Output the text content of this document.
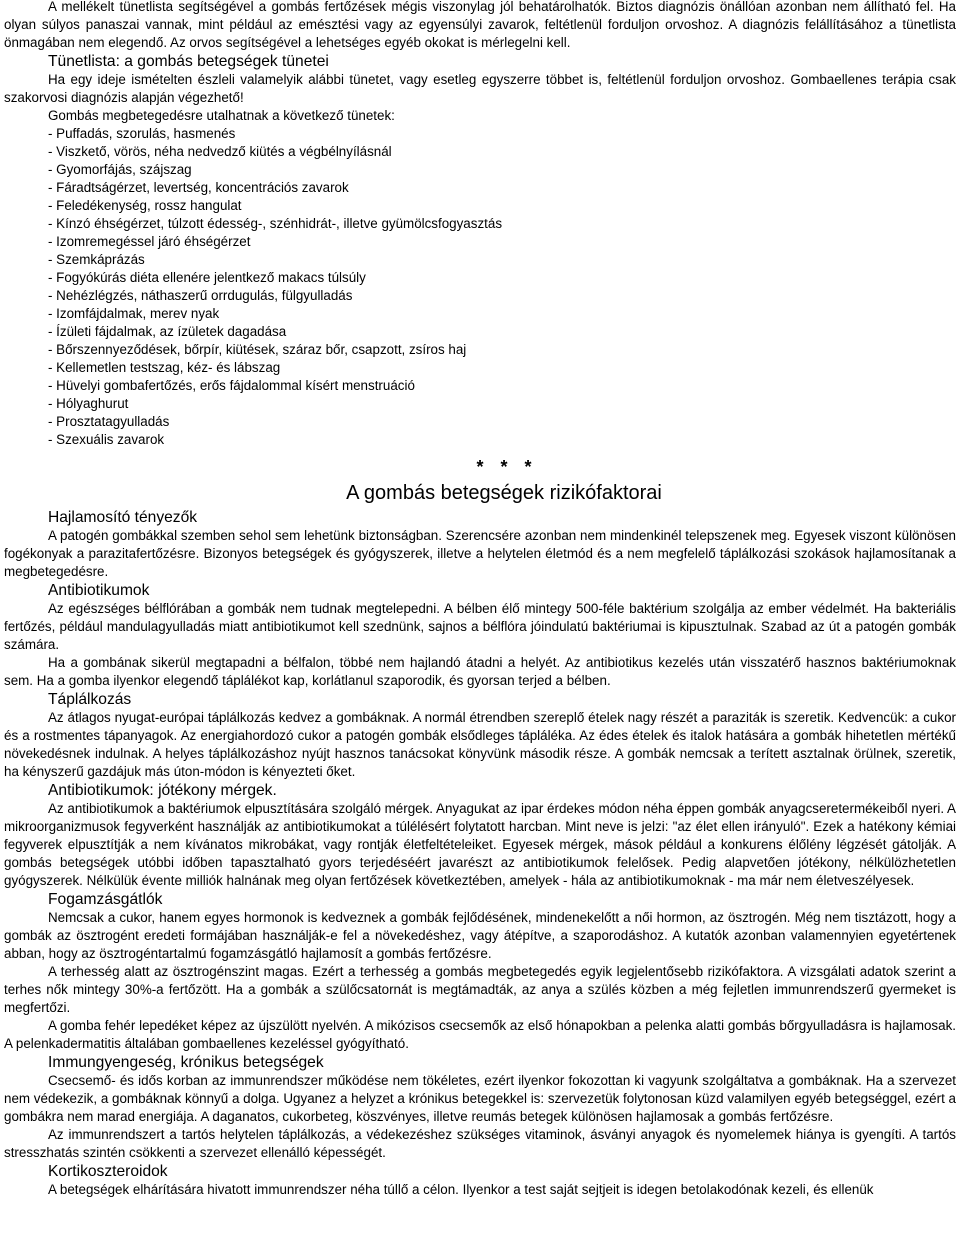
A mellékelt tünetlista segítségével a gombás fertőzések mégis viszonylag jól behatárolhatók. Biztos diagnózis önállóan azonban nem állítható fel. Ha olyan súlyos panaszai vannak, mint például az emésztési vagy az egyensúlyi zavarok, feltétlenül forduljon orvoshoz. A diagnózis felállításához a tünetlista önmagában nem elegendő. Az orvos segítségével a lehetséges egyéb okokat is mérlegelni kell.

Tünetlista: a gombás betegségek tünetei

Ha egy ideje ismételten észleli valamelyik alábbi tünetet, vagy esetleg egyszerre többet is, feltétlenül forduljon orvoshoz. Gombaellenes terápia csak szakorvosi diagnózis alapján végezhető!

Gombás megbetegedésre utalhatnak a következő tünetek:
- Puffadás, szorulás, hasmenés
- Viszkető, vörös, néha nedvedző kiütés a végbélnyílásnál
- Gyomorfájás, szájszag
- Fáradtságérzet, levertség, koncentrációs zavarok
- Feledékenység, rossz hangulat
- Kínzó éhségérzet, túlzott édesség-, szénhidrát-, illetve gyümölcsfogyasztás
- Izomremegéssel járó éhségérzet
- Szemkáprázás
- Fogyókúrás diéta ellenére jelentkező makacs túlsúly
- Nehézlégzés, náthaszerű orrdugulás, fülgyulladás
- Izomfájdalmak, merev nyak
- Ízületi fájdalmak, az ízületek dagadása
- Bőrszennyeződések, bőrpír, kiütések, száraz bőr, csapzott, zsíros haj
- Kellemetlen testszag, kéz- és lábszag
- Hüvelyi gombafertőzés, erős fájdalommal kísért menstruáció
- Hólyaghurut
- Prosztatagyulladás
- Szexuális zavarok
* * *
A gombás betegségek rizikófaktorai
Hajlamosító tényezők

A patogén gombákkal szemben sehol sem lehetünk biztonságban. Szerencsére azonban nem mindenkinél telepszenek meg. Egyesek viszont különösen fogékonyak a parazitafertőzésre. Bizonyos betegségek és gyógyszerek, illetve a helytelen életmód és a nem megfelelő táplálkozási szokások hajlamosítanak a megbetegedésre.

Antibiotikumok

Az egészséges bélflórában a gombák nem tudnak megtelepedni. A bélben élő mintegy 500-féle baktérium szolgálja az ember védelmét. Ha bakteriális fertőzés, például mandulagyulladás miatt antibiotikumot kell szednünk, sajnos a bélflóra jóindulatú baktériumai is kipusztulnak. Szabad az út a patogén gombák számára.

Ha a gombának sikerül megtapadni a bélfalon, többé nem hajlandó átadni a helyét. Az antibiotikus kezelés után visszatérő hasznos baktériumoknak sem. Ha a gomba ilyenkor elegendő táplálékot kap, korlátlanul szaporodik, és gyorsan terjed a bélben.

Táplálkozás

Az átlagos nyugat-európai táplálkozás kedvez a gombáknak. A normál étrendben szereplő ételek nagy részét a paraziták is szeretik. Kedvencük: a cukor és a rostmentes tápanyagok. Az energiahordozó cukor a patogén gombák elsődleges tápláléka. Az édes ételek és italok hatására a gombák hihetetlen mértékű növekedésnek indulnak. A helyes táplálkozáshoz nyújt hasznos tanácsokat könyvünk második része. A gombák nemcsak a terített asztalnak örülnek, szeretik, ha kényszerű gazdájuk más úton-módon is kényezteti őket.

Antibiotikumok: jótékony mérgek.

Az antibiotikumok a baktériumok elpusztítására szolgáló mérgek. Anyagukat az ipar érdekes módon néha éppen gombák anyagcseretermékeiből nyeri. A mikroorganizmusok fegyverként használják az antibiotikumokat a túlélésért folytatott harcban. Mint neve is jelzi: "az élet ellen irányuló". Ezek a hatékony kémiai fegyverek elpusztítják a nem kívánatos mikrobákat, vagy rontják életfeltételeiket. Egyesek mérgek, mások például a konkurens élőlény légzését gátolják. A gombás betegségek utóbbi időben tapasztalható gyors terjedéséért javarészt az antibiotikumok felelősek. Pedig alapvetően jótékony, nélkülözhetetlen gyógyszerek. Nélkülük évente milliók halnának meg olyan fertőzések következtében, amelyek - hála az antibiotikumoknak - ma már nem életveszélyesek.

Fogamzásgátlók

Nemcsak a cukor, hanem egyes hormonok is kedveznek a gombák fejlődésének, mindenekelőtt a női hormon, az ösztrogén. Még nem tisztázott, hogy a gombák az ösztrogént eredeti formájában használják-e fel a növekedéshez, vagy átépítve, a szaporodáshoz. A kutatók azonban valamennyien egyetértenek abban, hogy az ösztrogéntartalmú fogamzásgátló hajlamosít a gombás fertőzésre.

A terhesség alatt az ösztrogénszint magas. Ezért a terhesség a gombás megbetegedés egyik legjelentősebb rizikófaktora. A vizsgálati adatok szerint a terhes nők mintegy 30%-a fertőzött. Ha a gombák a szülőcsatornát is megtámadták, az anya a szülés közben a még fejletlen immunrendszerű gyermeket is megfertőzi.

A gomba fehér lepedéket képez az újszülött nyelvén. A mikózisos csecsemők az első hónapokban a pelenka alatti gombás bőrgyulladásra is hajlamosak. A pelenkadermatitis általában gombaellenes kezeléssel gyógyítható.

Immungyengeség, krónikus betegségek

Csecsemő- és idős korban az immunrendszer működése nem tökéletes, ezért ilyenkor fokozottan ki vagyunk szolgáltatva a gombáknak. Ha a szervezet nem védekezik, a gombáknak könnyű a dolga. Ugyanez a helyzet a krónikus betegekkel is: szervezetük folytonosan küzd valamilyen egyéb betegséggel, ezért a gombákra nem marad energiája. A daganatos, cukorbeteg, köszvényes, illetve reumás betegek különösen hajlamosak a gombás fertőzésre.

Az immunrendszert a tartós helytelen táplálkozás, a védekezéshez szükséges vitaminok, ásványi anyagok és nyomelemek hiánya is gyengíti. A tartós stresszhatás szintén csökkenti a szervezet ellenálló képességét.

Kortikoszteroidok

A betegségek elhárítására hivatott immunrendszer néha túllő a célon. Ilyenkor a test saját sejtjeit is idegen betolakodónak kezeli, és ellenük
